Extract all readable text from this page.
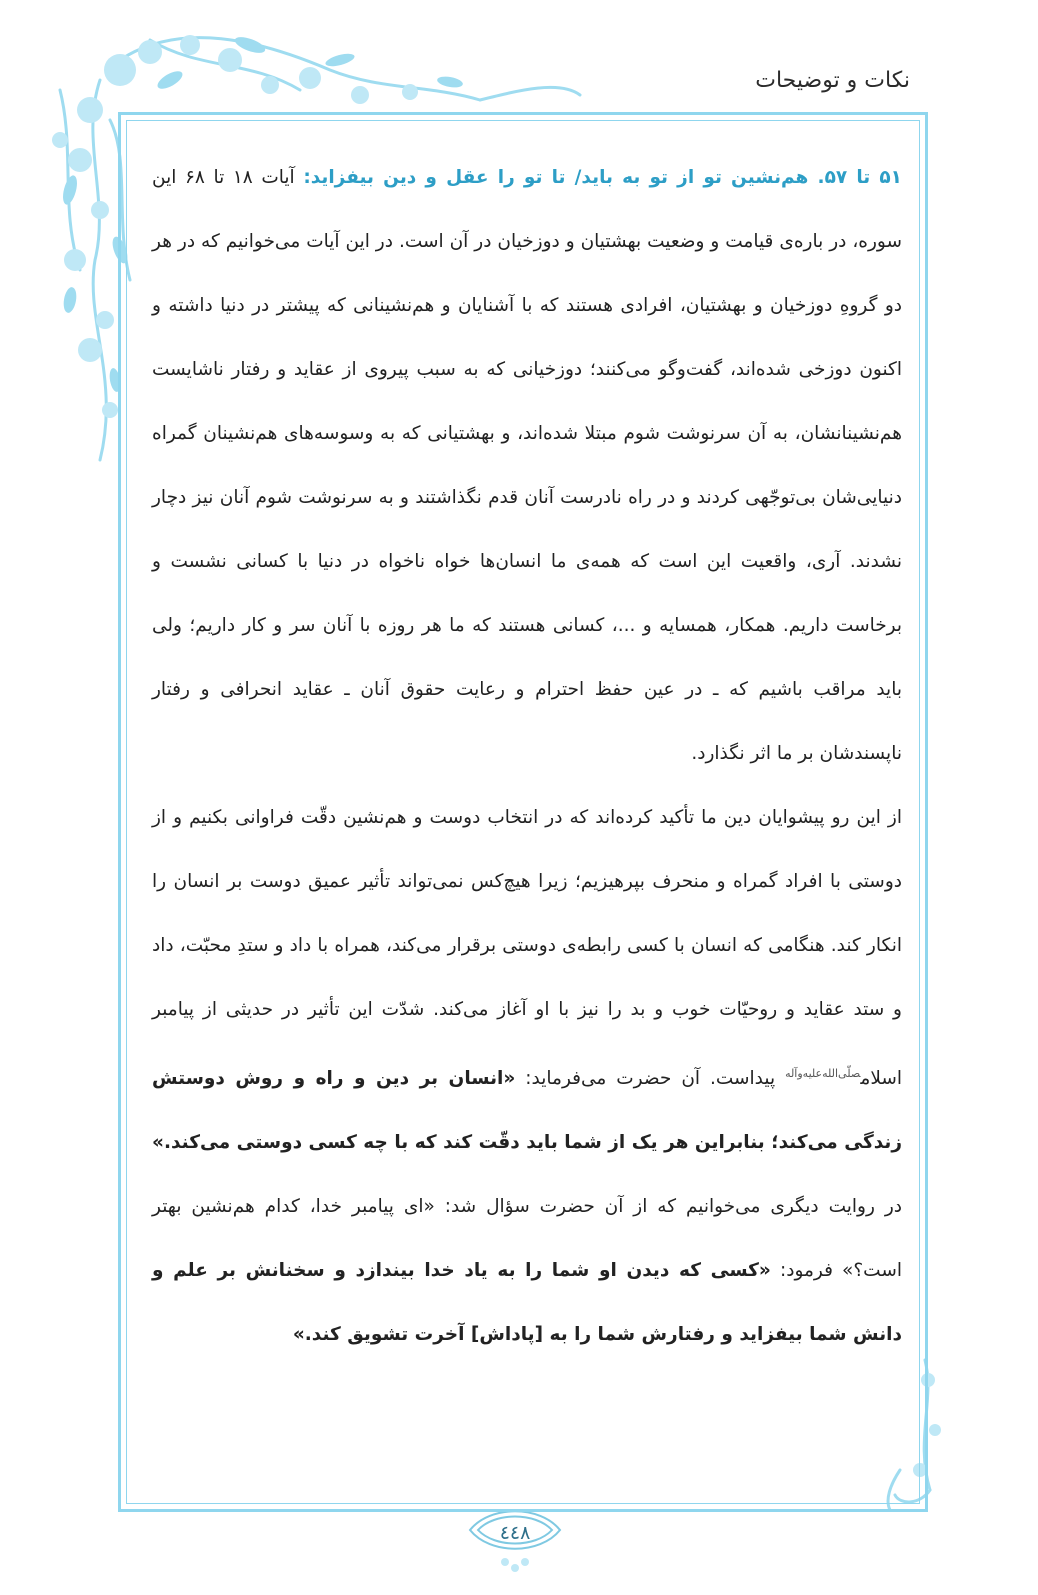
نکات و توضیحات

۵۱ تا ۵۷. هم‌نشین تو از تو به باید/ تا تو را عقل و دین بیفزاید: آیات ۱۸ تا ۶۸ این سوره، در باره‌ی قیامت و وضعیت بهشتیان و دوزخیان در آن است. در این آیات می‌خوانیم که در هر دو گروهِ دوزخیان و بهشتیان، افرادی هستند که با آشنایان و هم‌نشینانی که پیشتر در دنیا داشته و اکنون دوزخی شده‌اند، گفت‌وگو می‌کنند؛ دوزخیانی که به سبب پیروی از عقاید و رفتار ناشایست هم‌نشینانشان، به آن سرنوشت شوم مبتلا شده‌اند، و بهشتیانی که به وسوسه‌های هم‌نشینان گمراه دنیایی‌شان بی‌توجّهی کردند و در راه نادرست آنان قدم نگذاشتند و به سرنوشت شوم آنان نیز دچار نشدند. آری، واقعیت این است که همه‌ی ما انسان‌ها خواه ناخواه در دنیا با کسانی نشست و برخاست داریم. همکار، همسایه و ...، کسانی هستند که ما هر روزه با آنان سر و کار داریم؛ ولی باید مراقب باشیم که ـ در عین حفظ احترام و رعایت حقوق آنان ـ عقاید انحرافی و رفتار ناپسندشان بر ما اثر نگذارد.

از این رو پیشوایان دین ما تأکید کرده‌اند که در انتخاب دوست و هم‌نشین دقّت فراوانی بکنیم و از دوستی با افراد گمراه و منحرف بپرهیزیم؛ زیرا هیچ‌کس نمی‌تواند تأثیر عمیق دوست بر انسان را انکار کند. هنگامی که انسان با کسی رابطه‌ی دوستی برقرار می‌کند، همراه با داد و ستدِ محبّت، داد و ستد عقاید و روحیّات خوب و بد را نیز با او آغاز می‌کند. شدّت این تأثیر در حدیثی از پیامبر اسلام$^{صلّی‌الله‌علیه‌وآله}$ پیداست. آن حضرت می‌فرماید: «انسان بر دین و راه و روش دوستش زندگی می‌کند؛ بنابراین هر یک از شما باید دقّت کند که با چه کسی دوستی می‌کند.» در روایت دیگری می‌خوانیم که از آن حضرت سؤال شد: «ای پیامبر خدا، کدام هم‌نشین بهتر است؟» فرمود: «کسی که دیدن او شما را به یاد خدا بیندازد و سخنانش بر علم و دانش شما بیفزاید و رفتارش شما را به [پاداش] آخرت تشویق کند.»

٤٤٨
